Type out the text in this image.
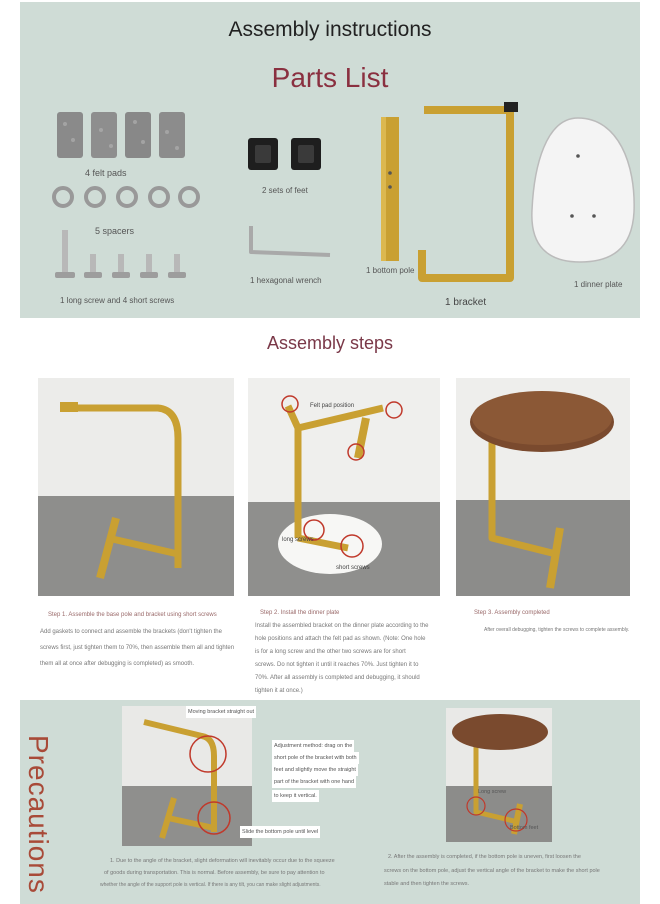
Assembly instructions
Parts List
4 felt pads
5 spacers
1 long screw and 4 short screws
2 sets of feet
1 hexagonal wrench
1 bottom pole
1 bracket
1 dinner plate
Assembly steps
Step 1. Assemble the base pole and bracket using short screws
Add gaskets to connect and assemble the brackets (don't tighten the
screws first, just tighten them to 70%, then assemble them all and tighten
them all at once after debugging is completed) as smooth.
Felt pad position
long screws
short screws
Step 2. Install the dinner plate
Install the assembled bracket on the dinner plate according to the
hole positions and attach the felt pad as shown. (Note: One hole
is for a long screw and the other two screws are for short
screws. Do not tighten it until it reaches 70%. Just tighten it to
70%. After all assembly is completed and debugging, it should
tighten it at once.)
Step 3. Assembly completed
After overall debugging, tighten the screws to complete assembly.
Precautions
Moving bracket straight out
Slide the bottom pole until level
Adjustment method: drag on the
short pole of the bracket with both
feet and slightly move the straight
part of the bracket with one hand
to keep it vertical.
Long screw
Bottom feet
1. Due to the angle of the bracket, slight deformation will inevitably occur due to the squeeze
of goods during transportation. This is normal. Before assembly, be sure to pay attention to
whether the angle of the support pole is vertical. If there is any tilt, you can make slight adjustments.
2. After the assembly is completed, if the bottom pole is uneven, first loosen the
screws on the bottom pole, adjust the vertical angle of the bracket to make the short pole
stable and then tighten the screws.
